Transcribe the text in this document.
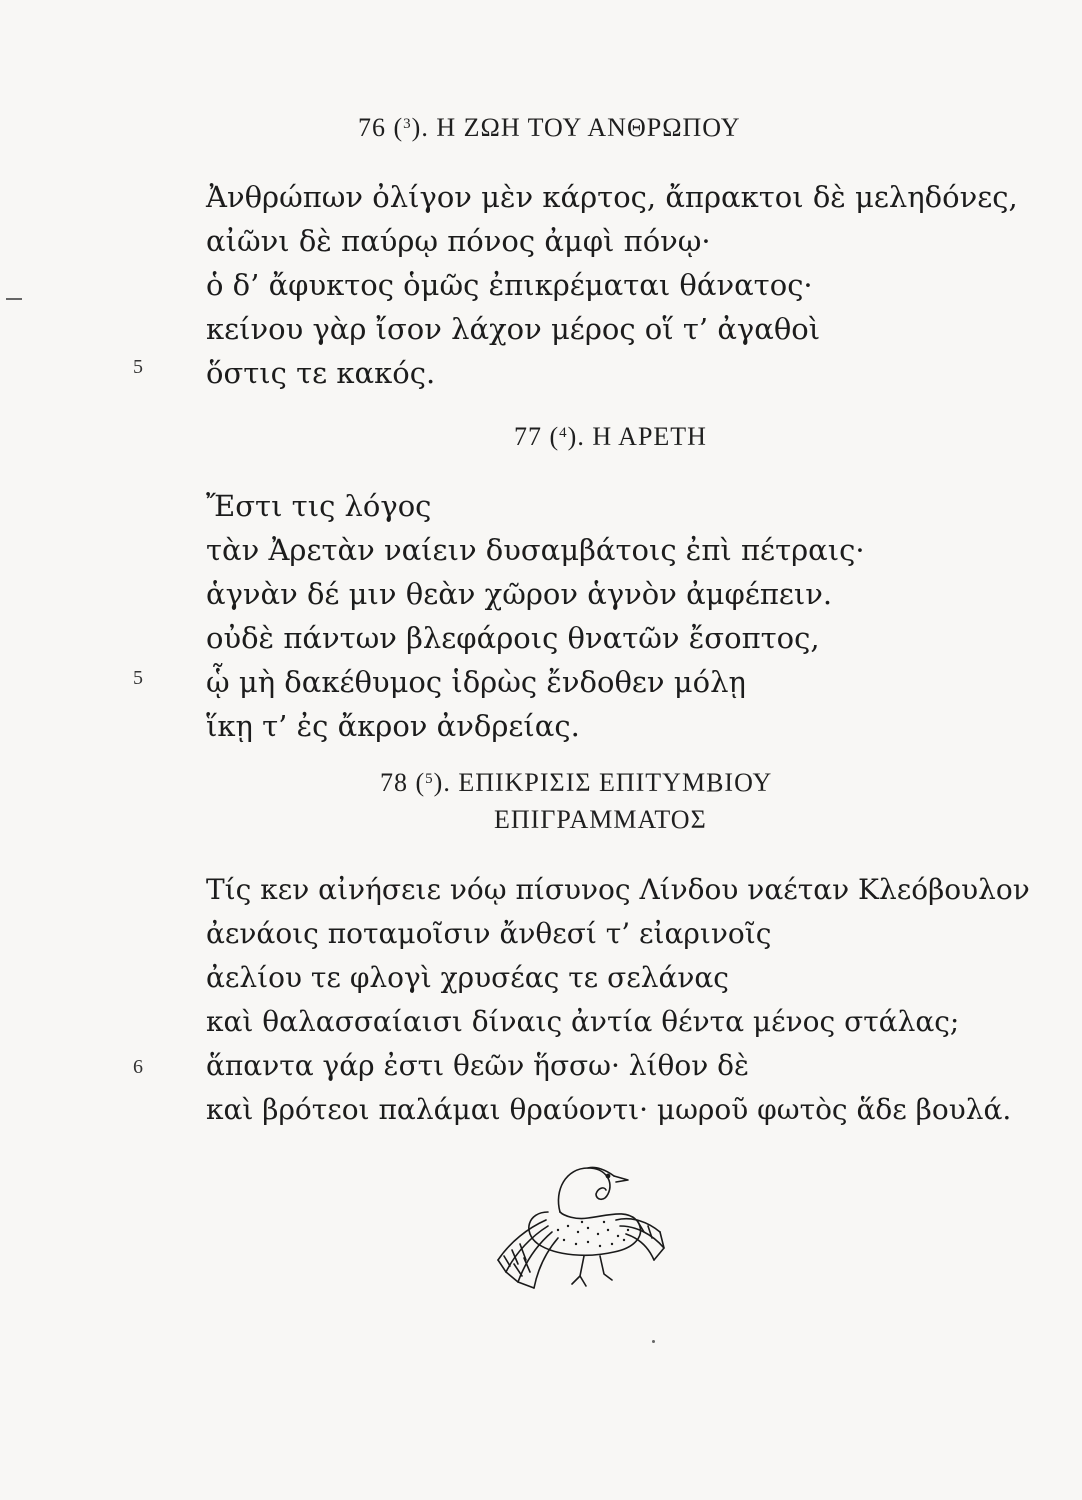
76 ($^3$). Η ΖΩΗ ΤΟΥ ΑΝΘΡΩΠΟΥ
Ἀνθρώπων ὀλίγον μὲν κάρτος, ἄπρακτοι δὲ μεληδόνες,
αἰῶνι δὲ παύρῳ πόνος ἀμφὶ πόνῳ·
ὁ δ’ ἄφυκτος ὁμῶς ἐπικρέμαται θάνατος·
κείνου γὰρ ἴσον λάχον μέρος οἵ τ’ ἀγαθοὶ
ὅστις τε κακός.
5
77 ($^4$). Η ΑΡΕΤΗ
Ἔστι τις λόγος
τὰν Ἀρετὰν ναίειν δυσαμβάτοις ἐπὶ πέτραις·
ἁγνὰν δέ μιν θεὰν χῶρον ἁγνὸν ἀμφέπειν.
οὐδὲ πάντων βλεφάροις θνατῶν ἔσοπτος,
ᾧ μὴ δακέθυμος ἱδρὼς ἔνδοθεν μόλῃ
5
ἵκῃ τ’ ἐς ἄκρον ἀνδρείας.
78 ($^5$). ΕΠΙΚΡΙΣΙΣ ΕΠΙΤΥΜΒΙΟΥ
ΕΠΙΓΡΑΜΜΑΤΟΣ
Τίς κεν αἰνήσειε νόῳ πίσυνος Λίνδου ναέταν Κλεόβουλον
ἀενάοις ποταμοῖσιν ἄνθεσί τ’ εἰαρινοῖς
ἀελίου τε φλογὶ χρυσέας τε σελάνας
καὶ θαλασσαίαισι δίναις ἀντία θέντα μένος στάλας;
ἅπαντα γάρ ἐστι θεῶν ἥσσω· λίθον δὲ
6
καὶ βρότεοι παλάμαι θραύοντι· μωροῦ φωτὸς ἅδε βουλά.
